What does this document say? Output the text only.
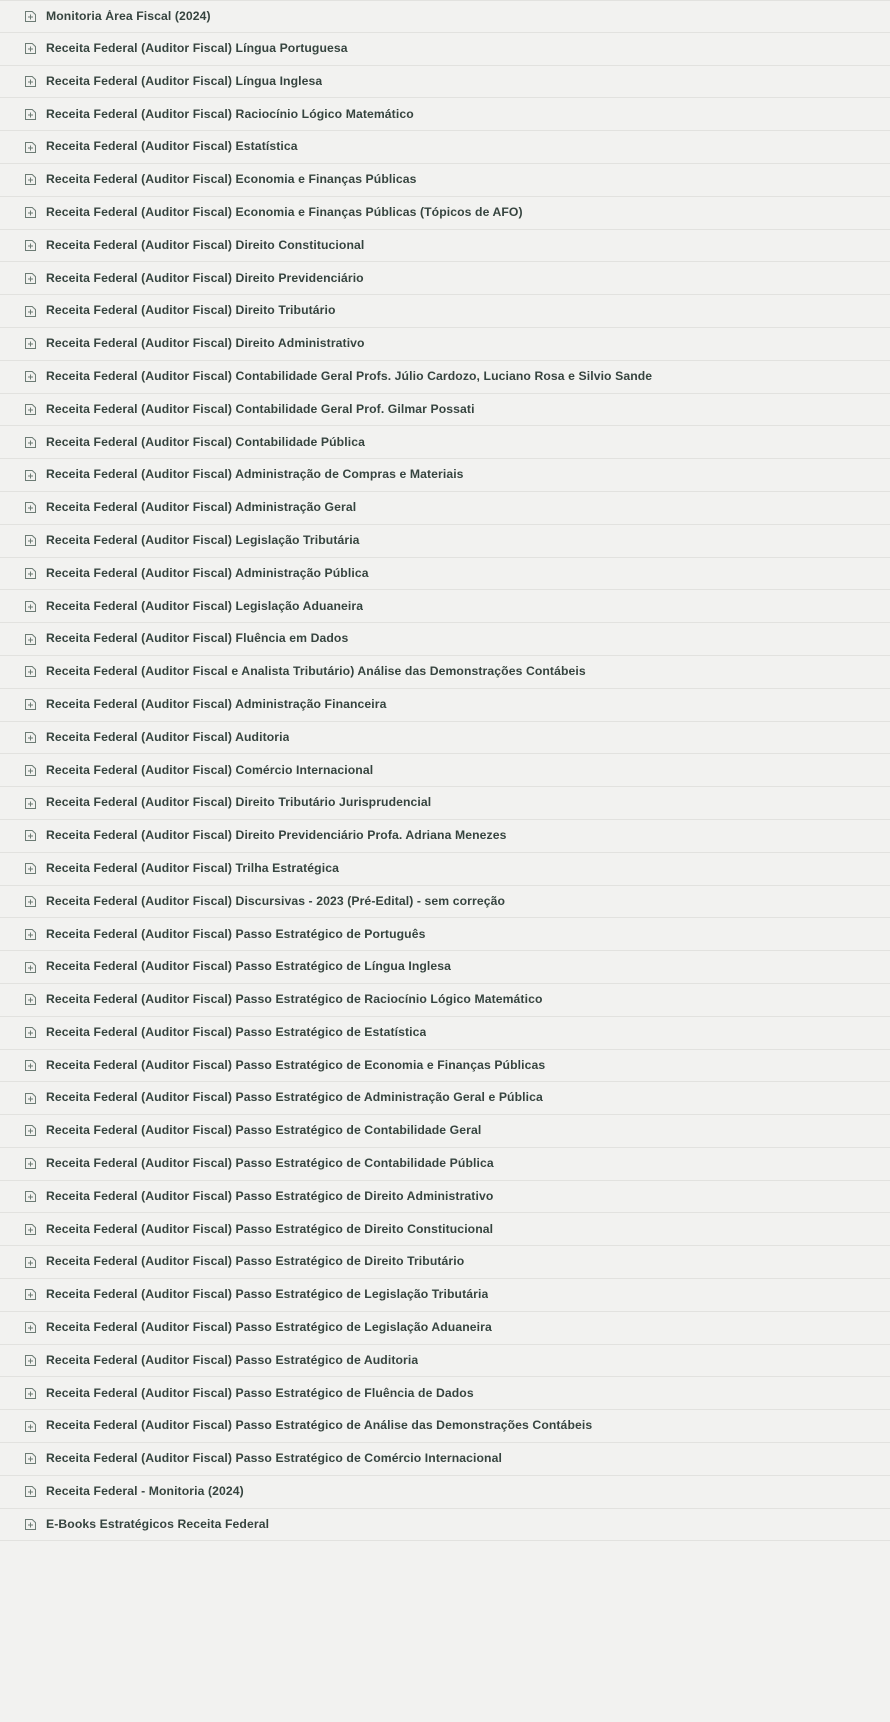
Monitoria Área Fiscal (2024)
Receita Federal (Auditor Fiscal) Língua Portuguesa
Receita Federal (Auditor Fiscal) Língua Inglesa
Receita Federal (Auditor Fiscal) Raciocínio Lógico Matemático
Receita Federal (Auditor Fiscal) Estatística
Receita Federal (Auditor Fiscal) Economia e Finanças Públicas
Receita Federal (Auditor Fiscal) Economia e Finanças Públicas (Tópicos de AFO)
Receita Federal (Auditor Fiscal) Direito Constitucional
Receita Federal (Auditor Fiscal) Direito Previdenciário
Receita Federal (Auditor Fiscal) Direito Tributário
Receita Federal (Auditor Fiscal) Direito Administrativo
Receita Federal (Auditor Fiscal) Contabilidade Geral Profs. Júlio Cardozo, Luciano Rosa e Silvio Sande
Receita Federal (Auditor Fiscal) Contabilidade Geral Prof. Gilmar Possati
Receita Federal (Auditor Fiscal) Contabilidade Pública
Receita Federal (Auditor Fiscal) Administração de Compras e Materiais
Receita Federal (Auditor Fiscal) Administração Geral
Receita Federal (Auditor Fiscal) Legislação Tributária
Receita Federal (Auditor Fiscal) Administração Pública
Receita Federal (Auditor Fiscal) Legislação Aduaneira
Receita Federal (Auditor Fiscal) Fluência em Dados
Receita Federal (Auditor Fiscal e Analista Tributário) Análise das Demonstrações Contábeis
Receita Federal (Auditor Fiscal) Administração Financeira
Receita Federal (Auditor Fiscal) Auditoria
Receita Federal (Auditor Fiscal) Comércio Internacional
Receita Federal (Auditor Fiscal) Direito Tributário Jurisprudencial
Receita Federal (Auditor Fiscal) Direito Previdenciário Profa. Adriana Menezes
Receita Federal (Auditor Fiscal) Trilha Estratégica
Receita Federal (Auditor Fiscal) Discursivas - 2023 (Pré-Edital) - sem correção
Receita Federal (Auditor Fiscal) Passo Estratégico de Português
Receita Federal (Auditor Fiscal) Passo Estratégico de Língua Inglesa
Receita Federal (Auditor Fiscal) Passo Estratégico de Raciocínio Lógico Matemático
Receita Federal (Auditor Fiscal) Passo Estratégico de Estatística
Receita Federal (Auditor Fiscal) Passo Estratégico de Economia e Finanças Públicas
Receita Federal (Auditor Fiscal) Passo Estratégico de Administração Geral e Pública
Receita Federal (Auditor Fiscal) Passo Estratégico de Contabilidade Geral
Receita Federal (Auditor Fiscal) Passo Estratégico de Contabilidade Pública
Receita Federal (Auditor Fiscal) Passo Estratégico de Direito Administrativo
Receita Federal (Auditor Fiscal) Passo Estratégico de Direito Constitucional
Receita Federal (Auditor Fiscal) Passo Estratégico de Direito Tributário
Receita Federal (Auditor Fiscal) Passo Estratégico de Legislação Tributária
Receita Federal (Auditor Fiscal) Passo Estratégico de Legislação Aduaneira
Receita Federal (Auditor Fiscal) Passo Estratégico de Auditoria
Receita Federal (Auditor Fiscal) Passo Estratégico de Fluência de Dados
Receita Federal (Auditor Fiscal) Passo Estratégico de Análise das Demonstrações Contábeis
Receita Federal (Auditor Fiscal) Passo Estratégico de Comércio Internacional
Receita Federal - Monitoria (2024)
E-Books Estratégicos Receita Federal
